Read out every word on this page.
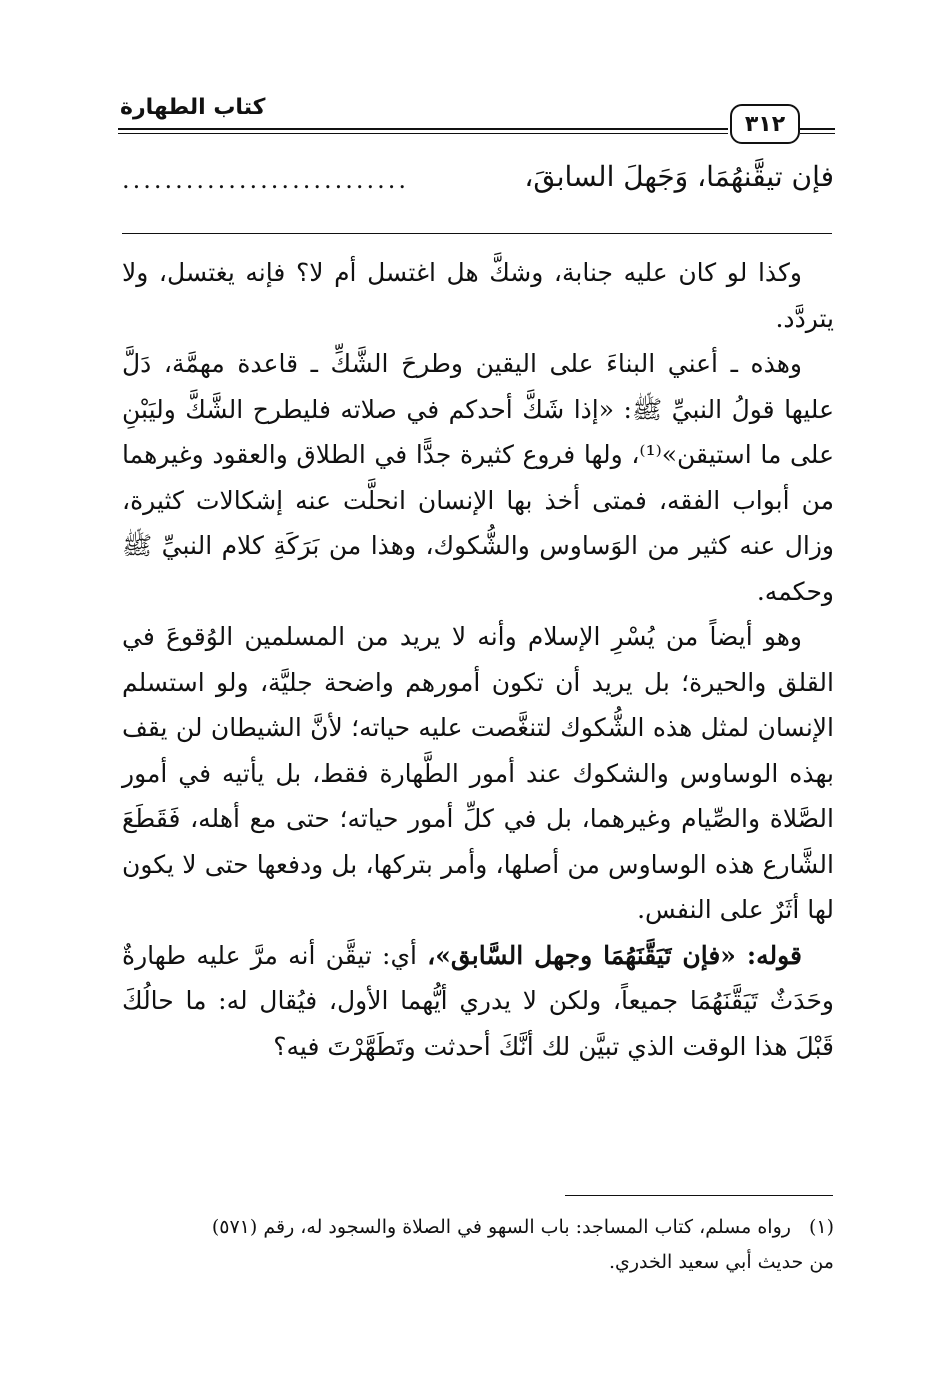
كتاب الطهارة
٣١٢
فإن تيقَّنهُمَا، وَجَهلَ السابقَ،
...........................

وكذا لو كان عليه جنابة، وشكَّ هل اغتسل أم لا؟ فإنه يغتسل، ولا يتردَّد.

وهذه ـ أعني البناءَ على اليقين وطرحَ الشَّكِّ ـ قاعدة مهمَّة، دَلَّ عليها قولُ النبيِّ ﷺ: «إذا شَكَّ أحدكم في صلاته فليطرح الشَّكَّ وليَبْنِ على ما استيقن»⁽¹⁾، ولها فروع كثيرة جدًّا في الطلاق والعقود وغيرهما من أبواب الفقه، فمتى أخذ بها الإنسان انحلَّت عنه إشكالات كثيرة، وزال عنه كثير من الوَساوس والشُّكوك، وهذا من بَرَكَةِ كلام النبيِّ ﷺ وحكمه.

وهو أيضاً من يُسْرِ الإسلام وأنه لا يريد من المسلمين الوُقوعَ في القلق والحيرة؛ بل يريد أن تكون أمورهم واضحة جليَّة، ولو استسلم الإنسان لمثل هذه الشُّكوك لتنغَّصت عليه حياته؛ لأنَّ الشيطان لن يقف بهذه الوساوس والشكوك عند أمور الطَّهارة فقط، بل يأتيه في أمور الصَّلاة والصِّيام وغيرهما، بل في كلِّ أمور حياته؛ حتى مع أهله، فَقَطَعَ الشَّارع هذه الوساوس من أصلها، وأمر بتركها، بل ودفعها حتى لا يكون لها أثَرٌ على النفس.

قوله: «فإن تَيَقَّنَهُمَا وجهل السَّابق»، أي: تيقَّن أنه مرَّ عليه طهارةٌ وحَدَثٌ تَيَقَّنَهُمَا جميعاً، ولكن لا يدري أيُّهما الأول، فيُقال له: ما حالُكَ قَبْلَ هذا الوقت الذي تبيَّن لك أنَّكَ أحدثت وتَطَهَّرْتَ فيه؟

(١)رواه مسلم، كتاب المساجد: باب السهو في الصلاة والسجود له، رقم (٥٧١)
من حديث أبي سعيد الخدري.
